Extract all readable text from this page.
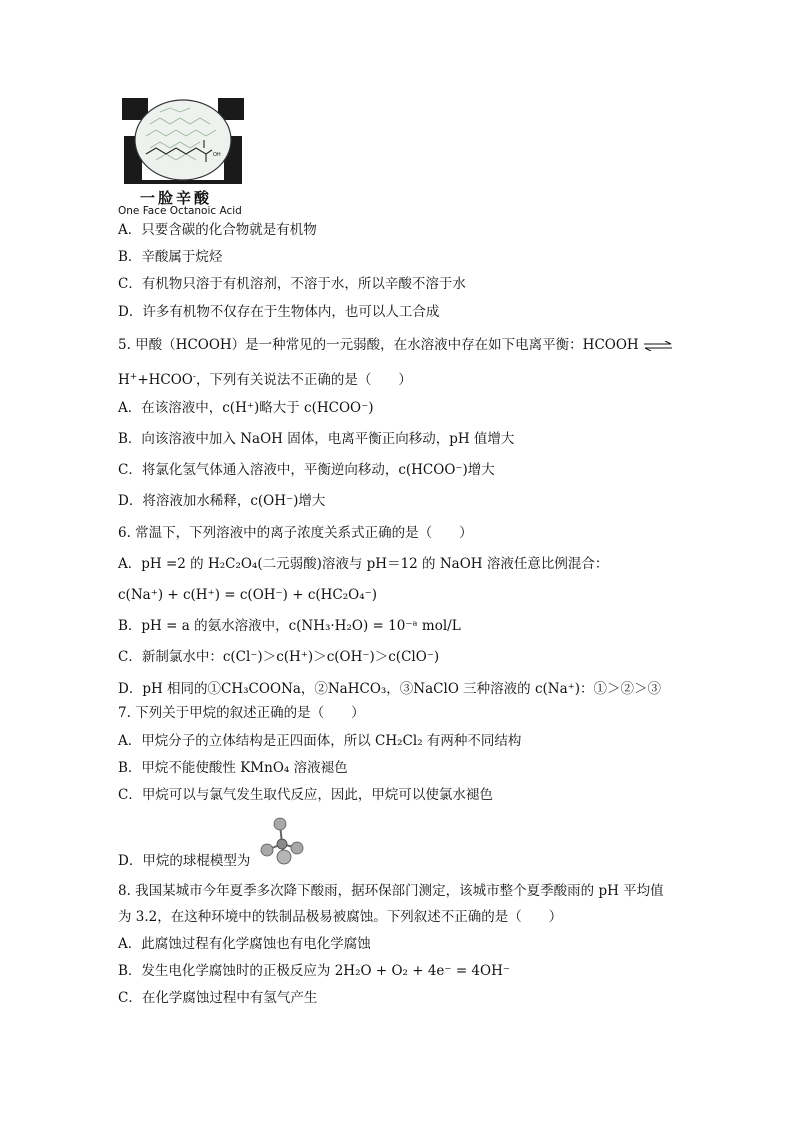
OH
一脸辛酸
One Face Octanoic Acid
A．只要含碳的化合物就是有机物
B．辛酸属于烷烃
C．有机物只溶于有机溶剂，不溶于水，所以辛酸不溶于水
D．许多有机物不仅存在于生物体内，也可以人工合成
5. 甲酸（HCOOH）是一种常见的一元弱酸，在水溶液中存在如下电离平衡：HCOOH ⇌
H++HCOO-，下列有关说法不正确的是（　　）
A．在该溶液中，c(H⁺)略大于 c(HCOO⁻)
B．向该溶液中加入 NaOH 固体，电离平衡正向移动，pH 值增大
C．将氯化氢气体通入溶液中，平衡逆向移动，c(HCOO⁻)增大
D．将溶液加水稀释，c(OH⁻)增大
6. 常温下，下列溶液中的离子浓度关系式正确的是（　　）
A．pH =2 的 H₂C₂O₄(二元弱酸)溶液与 pH＝12 的 NaOH 溶液任意比例混合：
c(Na⁺) + c(H⁺) = c(OH⁻) + c(HC₂O₄⁻)
B．pH = a 的氨水溶液中，c(NH₃·H₂O) = 10⁻ᵃ mol/L
C．新制氯水中：c(Cl⁻)＞c(H⁺)＞c(OH⁻)＞c(ClO⁻)
D．pH 相同的①CH₃COONa，②NaHCO₃，③NaClO 三种溶液的 c(Na⁺)：①＞②＞③
7. 下列关于甲烷的叙述正确的是（　　）
A．甲烷分子的立体结构是正四面体，所以 CH₂Cl₂ 有两种不同结构
B．甲烷不能使酸性 KMnO₄ 溶液褪色
C．甲烷可以与氯气发生取代反应，因此，甲烷可以使氯水褪色
D．甲烷的球棍模型为
8. 我国某城市今年夏季多次降下酸雨，据环保部门测定，该城市整个夏季酸雨的 pH 平均值
为 3.2，在这种环境中的铁制品极易被腐蚀。下列叙述不正确的是（　　）
A．此腐蚀过程有化学腐蚀也有电化学腐蚀
B．发生电化学腐蚀时的正极反应为 2H₂O + O₂ + 4e⁻ = 4OH⁻
C．在化学腐蚀过程中有氢气产生
